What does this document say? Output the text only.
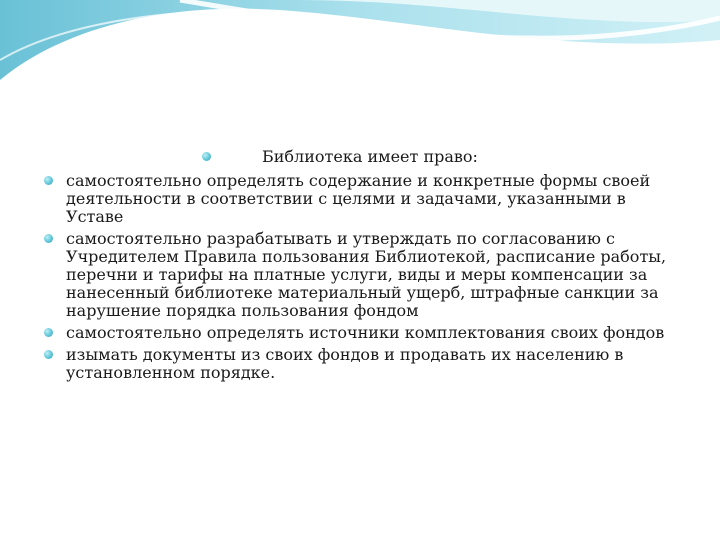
Библиотека имеет право:
самостоятельно определять содержание и конкретные формы своей деятельности в соответствии с целями и задачами, указанными в Уставе
самостоятельно разрабатывать и утверждать по согласованию с Учредителем Правила пользования Библиотекой, расписание работы, перечни и тарифы на платные услуги, виды и меры компенсации за нанесенный библиотеке материальный ущерб, штрафные санкции за нарушение порядка пользования фондом
самостоятельно определять источники комплектования своих фондов
изымать документы из своих фондов и продавать их населению в установленном порядке.
